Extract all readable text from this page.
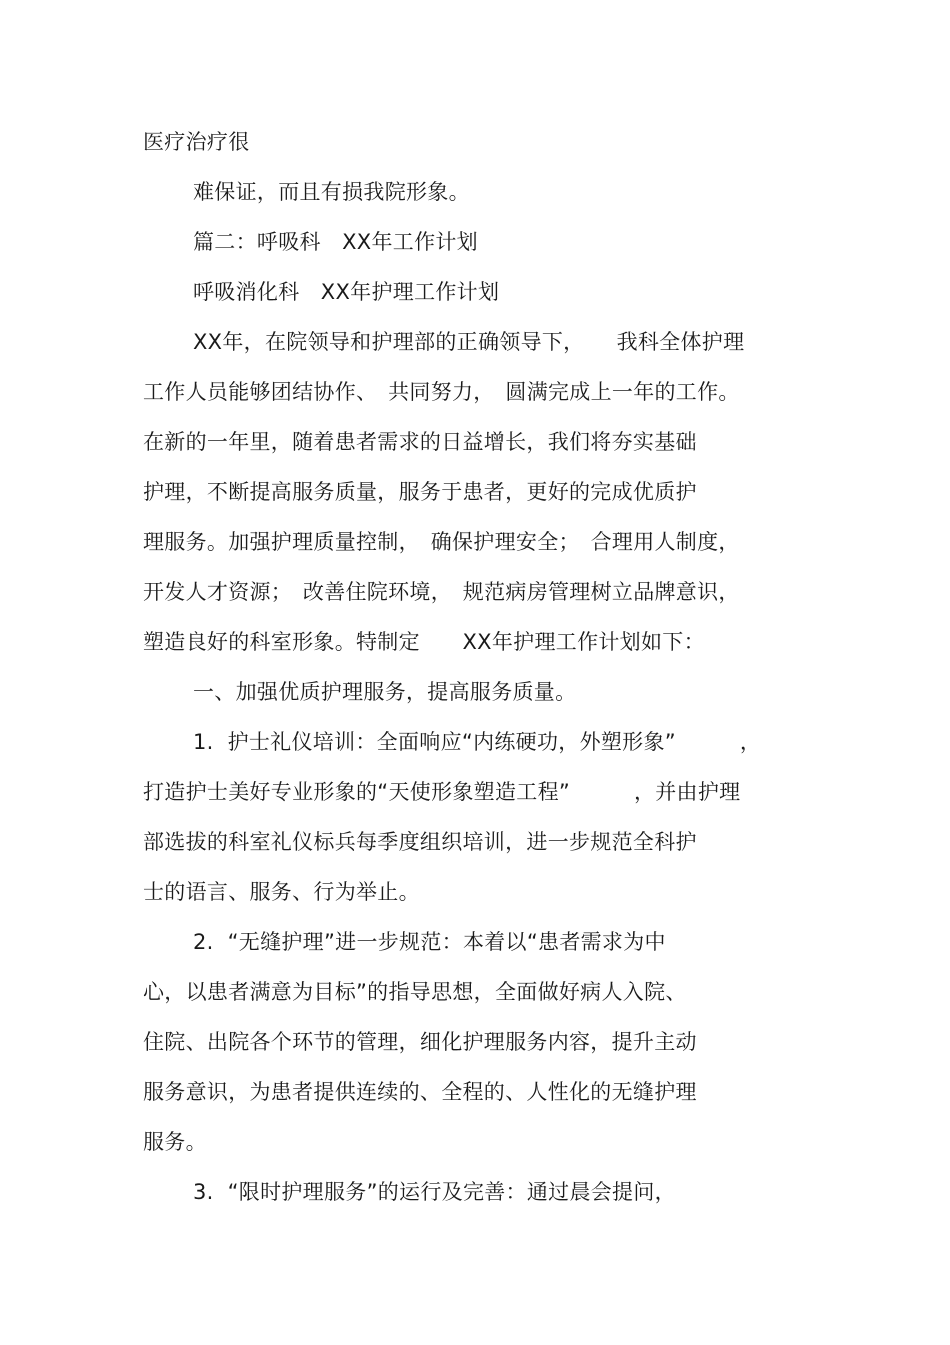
医疗治疗很
难保证，而且有损我院形象。
篇二：呼吸科　XX年工作计划
呼吸消化科　XX年护理工作计划
XX年，在院领导和护理部的正确领导下，　　我科全体护理
工作人员能够团结协作、　共同努力，　圆满完成上一年的工作。
在新的一年里，随着患者需求的日益增长，我们将夯实基础
护理，不断提高服务质量，服务于患者，更好的完成优质护
理服务。加强护理质量控制，　确保护理安全；　合理用人制度，
开发人才资源；　改善住院环境，　规范病房管理树立品牌意识，
塑造良好的科室形象。特制定　　XX年护理工作计划如下：
一、加强优质护理服务，提高服务质量。
1.  护士礼仪培训：全面响应“内练硬功，外塑形象”　　　，
打造护士美好专业形象的“天使形象塑造工程”　　　，并由护理
部选拔的科室礼仪标兵每季度组织培训，进一步规范全科护
士的语言、服务、行为举止。
2.  “无缝护理”进一步规范：本着以“患者需求为中
心，以患者满意为目标”的指导思想，全面做好病人入院、
住院、出院各个环节的管理，细化护理服务内容，提升主动
服务意识，为患者提供连续的、全程的、人性化的无缝护理
服务。
3.  “限时护理服务”的运行及完善：通过晨会提问，
